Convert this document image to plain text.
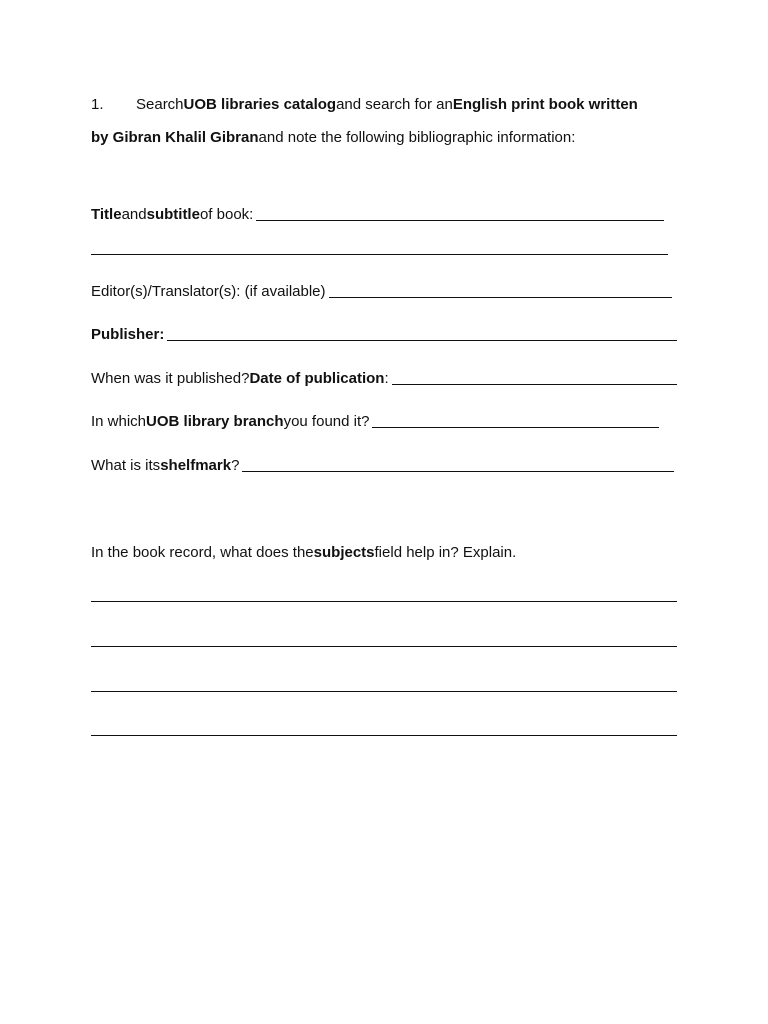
1.	Search UOB libraries catalog and search for an English print book written
by Gibran Khalil Gibran and note the following bibliographic information:
Title and subtitle of book:
Editor(s)/Translator(s): (if available)
Publisher:
When was it published? Date of publication :
In which UOB library branch you found it?
What is its shelfmark ?
In the book record, what does the subjects field help in? Explain.
